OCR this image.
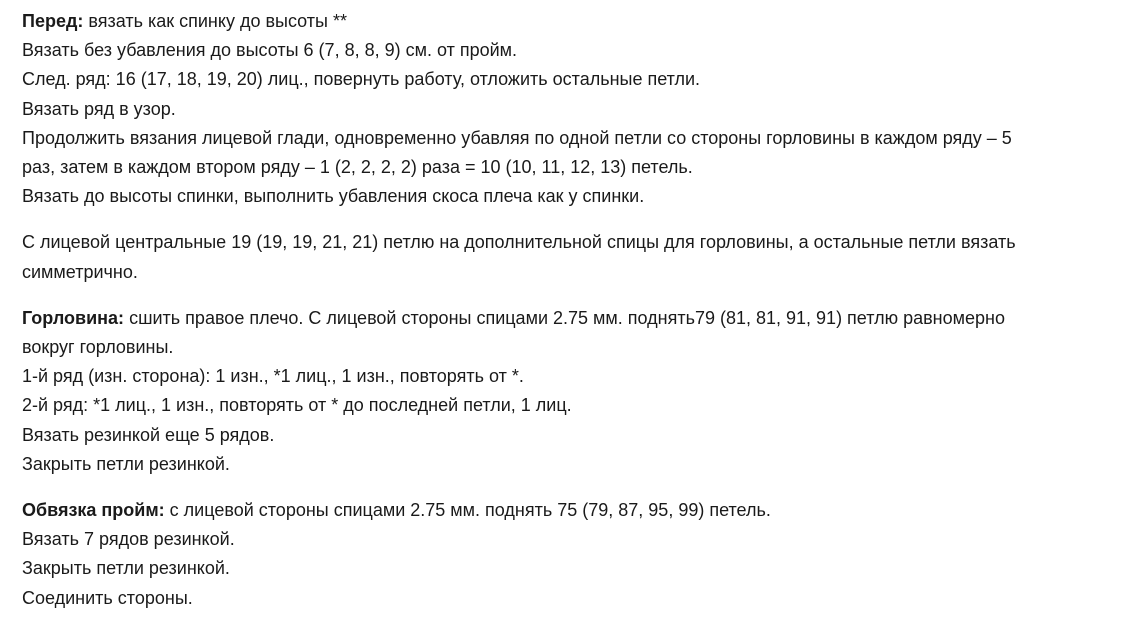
Перед: вязать как спинку до высоты **

Вязать без убавления до высоты 6 (7, 8, 8, 9) см. от пройм.

След. ряд: 16 (17, 18, 19, 20) лиц., повернуть работу, отложить остальные петли.

Вязать ряд в узор.

Продолжить вязания лицевой глади, одновременно убавляя по одной петли со стороны горловины в каждом ряду – 5

раз, затем в каждом втором ряду – 1 (2, 2, 2, 2) раза = 10 (10, 11, 12, 13) петель.

Вязать до высоты спинки, выполнить убавления скоса плеча как у спинки.

С лицевой центральные 19 (19, 19, 21, 21) петлю на дополнительной спицы для горловины, а остальные петли вязать

симметрично.

Горловина: сшить правое плечо. С лицевой стороны спицами 2.75 мм. поднять79 (81, 81, 91, 91) петлю равномерно

вокруг горловины.

1-й ряд (изн. сторона): 1 изн., *1 лиц., 1 изн., повторять от *.

2-й ряд: *1 лиц., 1 изн., повторять от * до последней петли, 1 лиц.

Вязать резинкой еще 5 рядов.

Закрыть петли резинкой.

Обвязка пройм: с лицевой стороны спицами 2.75 мм. поднять 75 (79, 87, 95, 99) петель.

Вязать 7 рядов резинкой.

Закрыть петли резинкой.

Соединить стороны.
